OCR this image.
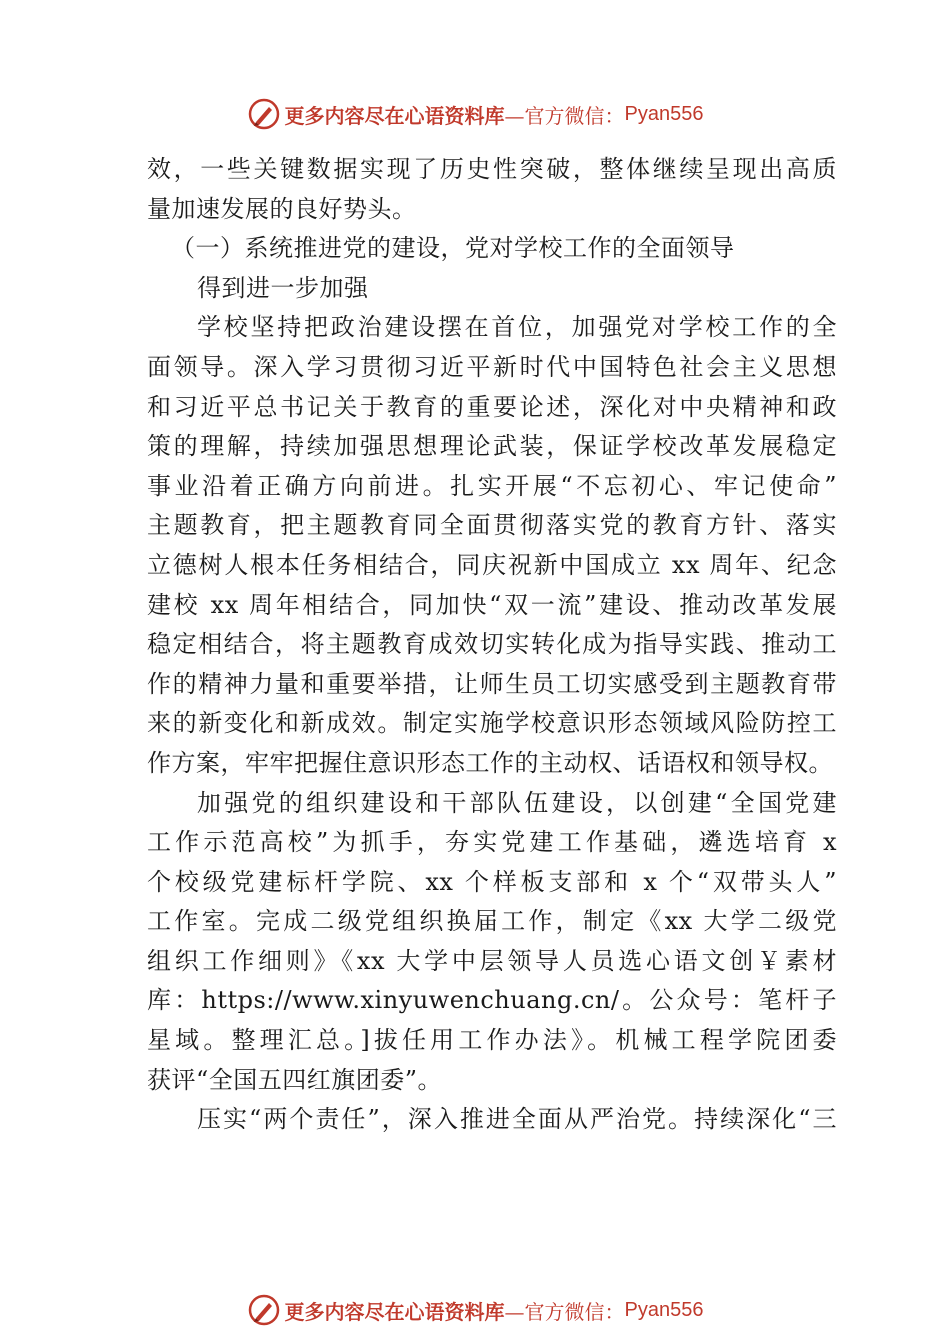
更多内容尽在心语资料库 —官方微信： Pyan556
效，一些关键数据实现了历史性突破，整体继续呈现出高质
量加速发展的良好势头。
（一）系统推进党的建设，党对学校工作的全面领导
得到进一步加强
学校坚持把政治建设摆在首位，加强党对学校工作的全
面领导。深入学习贯彻习近平新时代中国特色社会主义思想
和习近平总书记关于教育的重要论述，深化对中央精神和政
策的理解，持续加强思想理论武装，保证学校改革发展稳定
事业沿着正确方向前进。扎实开展“不忘初心、牢记使命”
主题教育，把主题教育同全面贯彻落实党的教育方针、落实
立德树人根本任务相结合，同庆祝新中国成立 xx 周年、纪念
建校 xx 周年相结合，同加快“双一流”建设、推动改革发展
稳定相结合，将主题教育成效切实转化成为指导实践、推动工
作的精神力量和重要举措，让师生员工切实感受到主题教育带
来的新变化和新成效。制定实施学校意识形态领域风险防控工
作方案，牢牢把握住意识形态工作的主动权、话语权和领导权。
加强党的组织建设和干部队伍建设，以创建“全国党建
工作示范高校”为抓手，夯实党建工作基础，遴选培育 x
个校级党建标杆学院、xx 个样板支部和 x 个“双带头人”
工作室。完成二级党组织换届工作，制定《xx 大学二级党
组织工作细则》《xx 大学中层领导人员选心语文创￥素材
库：https://www.xinyuwenchuang.cn/。公众号：笔杆子
星域。整理汇总。]拔任用工作办法》。机械工程学院团委
获评“全国五四红旗团委”。
压实“两个责任”，深入推进全面从严治党。持续深化“三
更多内容尽在心语资料库 —官方微信： Pyan556
